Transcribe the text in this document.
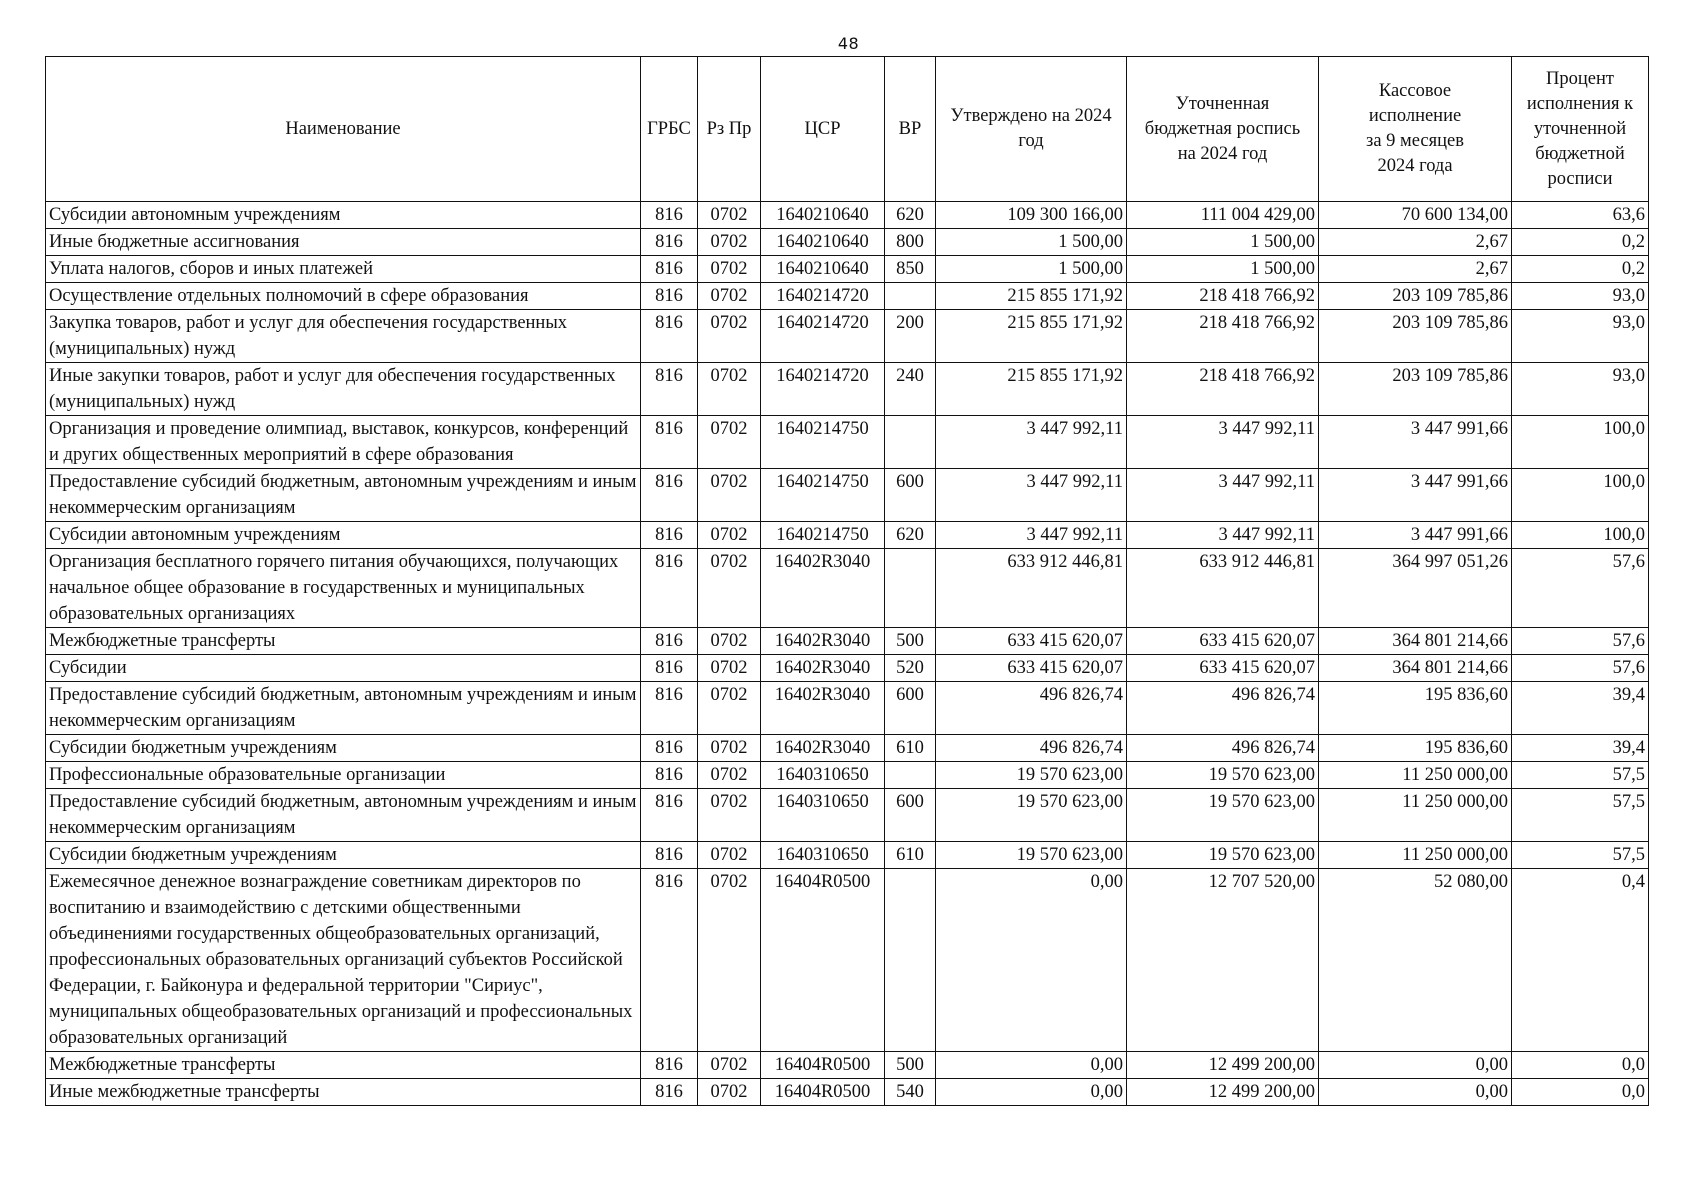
48
Наименование	ГРБС	Рз Пр	ЦСР	ВР	Утверждено на 2024 год	Уточненная бюджетная роспись на 2024 год	Кассовое исполнение за 9 месяцев 2024 года	Процент исполнения к уточненной бюджетной росписи
Субсидии автономным учреждениям	816	0702	1640210640	620	109 300 166,00	111 004 429,00	70 600 134,00	63,6
Иные бюджетные ассигнования	816	0702	1640210640	800	1 500,00	1 500,00	2,67	0,2
Уплата налогов, сборов и иных платежей	816	0702	1640210640	850	1 500,00	1 500,00	2,67	0,2
Осуществление отдельных полномочий в сфере образования	816	0702	1640214720		215 855 171,92	218 418 766,92	203 109 785,86	93,0
Закупка товаров, работ и услуг для обеспечения государственных (муниципальных) нужд	816	0702	1640214720	200	215 855 171,92	218 418 766,92	203 109 785,86	93,0
Иные закупки товаров, работ и услуг для обеспечения государственных (муниципальных) нужд	816	0702	1640214720	240	215 855 171,92	218 418 766,92	203 109 785,86	93,0
Организация и проведение олимпиад, выставок, конкурсов, конференций и других общественных мероприятий в сфере образования	816	0702	1640214750		3 447 992,11	3 447 992,11	3 447 991,66	100,0
Предоставление субсидий бюджетным, автономным учреждениям и иным некоммерческим организациям	816	0702	1640214750	600	3 447 992,11	3 447 992,11	3 447 991,66	100,0
Субсидии автономным учреждениям	816	0702	1640214750	620	3 447 992,11	3 447 992,11	3 447 991,66	100,0
Организация бесплатного горячего питания обучающихся, получающих начальное общее образование в государственных и муниципальных образовательных организациях	816	0702	16402R3040		633 912 446,81	633 912 446,81	364 997 051,26	57,6
Межбюджетные трансферты	816	0702	16402R3040	500	633 415 620,07	633 415 620,07	364 801 214,66	57,6
Субсидии	816	0702	16402R3040	520	633 415 620,07	633 415 620,07	364 801 214,66	57,6
Предоставление субсидий бюджетным, автономным учреждениям и иным некоммерческим организациям	816	0702	16402R3040	600	496 826,74	496 826,74	195 836,60	39,4
Субсидии бюджетным учреждениям	816	0702	16402R3040	610	496 826,74	496 826,74	195 836,60	39,4
Профессиональные образовательные организации	816	0702	1640310650		19 570 623,00	19 570 623,00	11 250 000,00	57,5
Предоставление субсидий бюджетным, автономным учреждениям и иным некоммерческим организациям	816	0702	1640310650	600	19 570 623,00	19 570 623,00	11 250 000,00	57,5
Субсидии бюджетным учреждениям	816	0702	1640310650	610	19 570 623,00	19 570 623,00	11 250 000,00	57,5
Ежемесячное денежное вознаграждение советникам директоров по воспитанию и взаимодействию с детскими общественными объединениями государственных общеобразовательных организаций, профессиональных образовательных организаций субъектов Российской Федерации, г. Байконура и федеральной территории "Сириус", муниципальных общеобразовательных организаций и профессиональных образовательных организаций	816	0702	16404R0500		0,00	12 707 520,00	52 080,00	0,4
Межбюджетные трансферты	816	0702	16404R0500	500	0,00	12 499 200,00	0,00	0,0
Иные межбюджетные трансферты	816	0702	16404R0500	540	0,00	12 499 200,00	0,00	0,0
